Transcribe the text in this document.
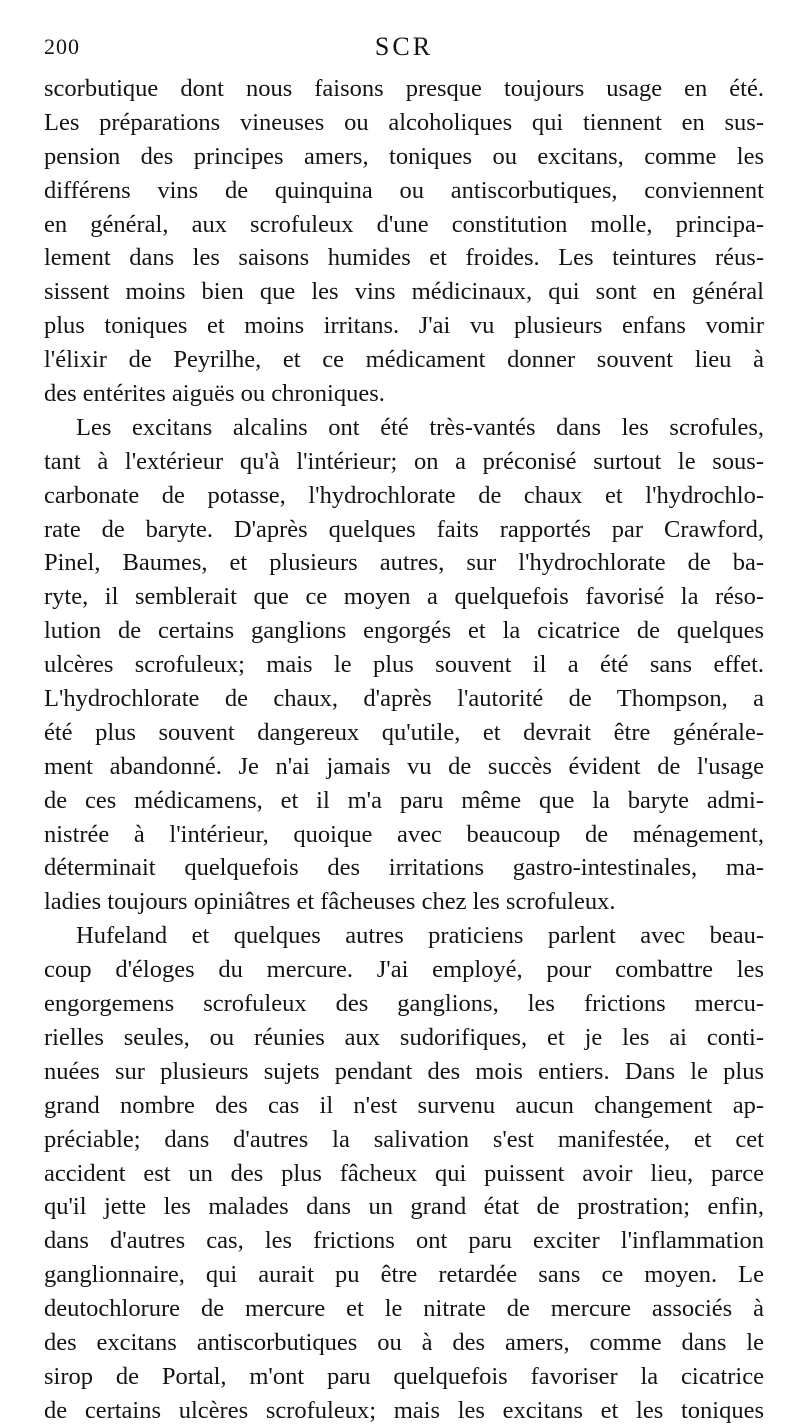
200	SCR
scorbutique dont nous faisons presque toujours usage en été.
Les préparations vineuses ou alcoholiques qui tiennent en sus-
pension des principes amers, toniques ou excitans, comme les
différens vins de quinquina ou antiscorbutiques, conviennent
en général, aux scrofuleux d'une constitution molle, principa-
lement dans les saisons humides et froides. Les teintures réus-
sissent moins bien que les vins médicinaux, qui sont en général
plus toniques et moins irritans. J'ai vu plusieurs enfans vomir
l'élixir de Peyrilhe, et ce médicament donner souvent lieu à
des entérites aiguës ou chroniques.
Les excitans alcalins ont été très-vantés dans les scrofules,
tant à l'extérieur qu'à l'intérieur; on a préconisé surtout le sous-
carbonate de potasse, l'hydrochlorate de chaux et l'hydrochlo-
rate de baryte. D'après quelques faits rapportés par Crawford,
Pinel, Baumes, et plusieurs autres, sur l'hydrochlorate de ba-
ryte, il semblerait que ce moyen a quelquefois favorisé la réso-
lution de certains ganglions engorgés et la cicatrice de quelques
ulcères scrofuleux; mais le plus souvent il a été sans effet.
L'hydrochlorate de chaux, d'après l'autorité de Thompson, a
été plus souvent dangereux qu'utile, et devrait être générale-
ment abandonné. Je n'ai jamais vu de succès évident de l'usage
de ces médicamens, et il m'a paru même que la baryte admi-
nistrée à l'intérieur, quoique avec beaucoup de ménagement,
déterminait quelquefois des irritations gastro-intestinales, ma-
ladies toujours opiniâtres et fâcheuses chez les scrofuleux.
Hufeland et quelques autres praticiens parlent avec beau-
coup d'éloges du mercure. J'ai employé, pour combattre les
engorgemens scrofuleux des ganglions, les frictions mercu-
rielles seules, ou réunies aux sudorifiques, et je les ai conti-
nuées sur plusieurs sujets pendant des mois entiers. Dans le plus
grand nombre des cas il n'est survenu aucun changement ap-
préciable; dans d'autres la salivation s'est manifestée, et cet
accident est un des plus fâcheux qui puissent avoir lieu, parce
qu'il jette les malades dans un grand état de prostration; enfin,
dans d'autres cas, les frictions ont paru exciter l'inflammation
ganglionnaire, qui aurait pu être retardée sans ce moyen. Le
deutochlorure de mercure et le nitrate de mercure associés à
des excitans antiscorbutiques ou à des amers, comme dans le
sirop de Portal, m'ont paru quelquefois favoriser la cicatrice
de certains ulcères scrofuleux; mais les excitans et les toniques
